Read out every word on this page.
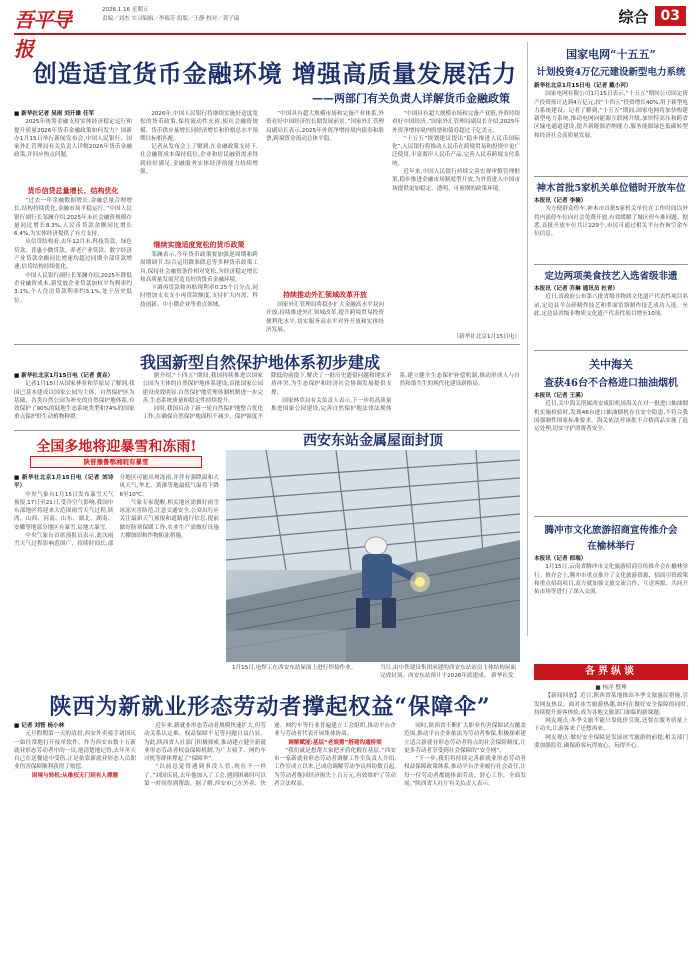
吾平导报
2026.1.16 星期五
责编／刘杰 实习编辑／李瑞芳 组版／王静 校对／黄子瑞	综合 03
创造适宜货币金融环境 增强高质量发展活力
——两部门有关负责人详解货币金融政策

■ 新华社记者 吴雨 刘开雄 任军

2025年统筹金融支持实体经济稳定运行和提升质量2026年货币金融政策如何发力？国新办1月15日举行新闻发布会,中国人民银行、国家外汇管理局有关负责人详解2026年货币金融政策,并回应热点问题。

货币信贷总量增长、结构优化

“过去一年金融数据增长,金融总量合理增长,结构持续优化,金融市场平稳运行。”中国人民银行副行长邹澜介绍,2025年末社会融资规模存量同比增长8.3%,人民币贷款余额同比增长6.4%,为实体经济提供了有力支持。

从信贷结构看,去年12月末,科技贷款、绿色贷款、普惠小微贷款、养老产业贷款、数字经济产业贷款余额同比增速均超过同期全部贷款增速,信贷结构持续优化。

中国人民银行副行长邹澜介绍,2025年降低企业融资成本,新发放企业贷款加权平均利率约3.1%,个人住房贷款利率约3.1%,处于历史低位。

2026年,中国人民银行将继续实施好适度宽松的货币政策,保持流动性充裕,使社会融资规模、货币供应量增长同经济增长和价格总水平预期目标相匹配。

记者从发布会上了解到,在金融政策支持下,社会融资成本保持低位,企业和居民融资需求得到较好满足,金融服务实体经济的能力持续增强。

继续实施适度宽松的货币政策

邹澜表示,今年货币政策要加强逆周期和跨周期调节,综合运用降准降息等多种货币政策工具,保持社会融资条件相对宽松,为经济稳定增长和高质量发展营造良好的货币金融环境。

下调再贷款和再贴现利率0.25个百分点,同时增加支农支小再贷款额度,支持扩大内需、科技创新、中小微企业等重点领域。

“中国具有超大规模市场和完备产业体系,外资看好中国经济的长期发展前景。”国家外汇管理局副局长表示,2025年外资净增持境内债券和股票,跨境资金流动总体平稳。

持续推动外汇领域改革开放

国家外汇管理局将稳步扩大金融高水平双向开放,持续推进外汇领域改革,提升跨境贸易投资便利化水平,切实服务高水平对外开放和实体经济发展。

“中国具有超大规模市场和完备产业链,外资持续看好中国经济。”国家外汇管理局副局长介绍,2025年外资净增持境内股票和债券超过千亿美元。

“十五五”规划建议提出“稳步推进人民币国际化”,人民银行将推动人民币在跨境贸易和投资中更广泛使用,丰富离岸人民币产品,完善人民币跨境支付系统。

近年来,中国人民银行持续完善宏观审慎管理框架,稳步推进金融市场制度型开放,为外资进入中国市场提供更加稳定、透明、可预期的政策环境。

（新华社北京1月15日电）
我国新型自然保护地体系初步建成

■ 新华社北京1月15日电（记者 黄垚）

记者1月15日从国家林业和草原局了解到,我国已基本建成以国家公园为主体、自然保护区为基础、各类自然公园为补充的自然保护地体系,有效保护了90%的陆地生态系统类型和74%的国家重点保护野生动植物种群。

据介绍,“十四五”期间,我国持续推进以国家公园为主体的自然保护地体系建设,首批国家公园建设成效明显,自然保护地管理体制机制进一步完善,生态系统质量和稳定性持续提升。

同时,我国启动了新一轮自然保护地整合优化工作,在确保自然保护地面积不减少、保护强度不降低的前提下,解决了一批历史遗留问题和现实矛盾冲突,为生态保护和经济社会协调发展提供支撑。

国家林草局有关负责人表示,下一步将高质量推进国家公园建设,完善自然保护地法律法规体系,建立健全生态保护补偿机制,推动形成人与自然和谐共生的现代化建设新格局。

全国多地将迎暴雪和冻雨!
陕晋豫鲁鄂湘皖有暴雪

■ 新华社北京1月15日电（记者 刘诗平）

中央气象台1月15日发布暴雪天气预报,17日至21日,受冷空气影响,我国中东部地区将迎来大范围雨雪天气过程,陕西、山西、河南、山东、湖北、湖南、安徽等地部分地区有暴雪,局地大暴雪。

中央气象台首席预报员表示,此次雨雪天气过程影响范围广、持续时间长,部分地区可能出现冻雨,并伴有强降温和大风天气,华北、黄淮等地最低气温将下降6至10℃。

气象专家提醒,相关地区需做好雨雪冰冻灾害防范,注意交通安全,公众出行应关注最新天气预报和道路通行信息,提前做好防寒保暖工作,农业生产需做好设施大棚加固和作物防冻措施。

西安东站金属屋面封顶
1月15日,电焊工在西安东站屋面上进行焊接作业。	当日,由中铁建设集团承建的西安东站站房主体结构屋面完成封顶。西安东站预计于2026年底建成。 新华社发
陕西为新就业形态劳动者撑起权益“保障伞”

■ 记者 刘智 杨小林

元旦假期第一天的清晨,西安外卖骑手刘国庆一如往常地打开接单软件。作为西安市数十万新就业形态劳动者中的一员,他清楚地记得,去年冬天自己在送餐途中受伤,正是依靠新就业形态人员职业伤害保障顺利获得了赔偿。

困境与转机:从维权无门到有人撑腰

近年来,新就业形态劳动者规模快速扩大,但劳动关系认定难、权益保障不足等问题日益凸显。为此,陕西省人社部门积极探索,推动建立健全新就业形态劳动者权益保障机制,为广大骑手、网约车司机等群体撑起了“保障伞”。

“以前总觉得遇到事没人管,现在不一样了。”刘国庆说,去年他加入了工会,遇到困难时可以第一时间得到帮助。据了解,西安市已在外卖、快递、网约车等行业普遍建立工会组织,推动平台企业与劳动者代表开展集体协商。

调解赋能:基层“老娘舅”搭建沟通桥梁

“我们就是想帮大家把矛盾化解在基层。”西安市一家新就业形态劳动者调解工作室负责人介绍,工作室成立以来,已成功调解劳动争议纠纷数百起,为劳动者挽回经济损失上百万元,有效维护了劳动者合法权益。

同时,陕西省不断扩大职业伤害保障试点覆盖范围,推动平台企业依法为劳动者参保,积极探索建立适合新就业形态劳动者特点的社会保险制度,让更多劳动者享受到社会保障的“安全网”。

“下一步,我们将持续完善新就业形态劳动者权益保障政策体系,推动平台企业履行社会责任,让每一位劳动者都能体面劳动、舒心工作、全面发展。”陕西省人社厅有关负责人表示。

国家电网“十五五”
计划投资4万亿元建设新型电力系统

新华社北京1月15日电（记者 戴小河）

国家电网有限公司1月15日表示,“十五五”期间公司固定资产投资预计达到4万亿元,较“十四五”投资增长40%,用于新型电力系统建设。记者了解到,“十五五”期间,国家电网将加快构建新型电力系统,推动电网向能源互联网升级,加快特高压和跨省区输电通道建设,提升新能源消纳能力,服务能源绿色低碳转型和经济社会高质量发展。

神木首批5家机关单位错时开放车位

本报讯（记者 李楠）

为方便群众停车,神木市首批5家机关单位在工作时间以外将内部停车位向社会免费开放,有效缓解了城区停车难问题。据悉,首批开放车位共计229个,市民可通过相关平台查询空余车位信息。

定边两项美食技艺入选省级非遗

本报讯（记者 乔琳 通讯员 杜青）

近日,省政府公布第八批省级非物质文化遗产代表性项目名录,定边县羊杂碎制作技艺和荞面饸饹制作技艺成功入选。至此,定边县省级非物质文化遗产代表性项目增至10项。

关中海关
查获46台不合格进口抽油烟机

本报讯（记者 王溪）

近日,关中海关所属西安咸阳机场海关在对一批进口抽油烟机实施检验时,发现46台进口抽油烟机存在安全隐患,不符合我国强制性国家标准要求。海关依法对该批不合格商品实施了退运处理,切实守护消费者安全。

腾冲市文化旅游招商宣传推介会
在榆林举行

本报讯（记者 师瑞）

1月15日,云南省腾冲市文化旅游招商宣传推介会在榆林举行。推介会上,腾冲市重点推介了文化旅游资源、招商引资政策和重点招商项目,双方就加强文旅交流合作、互送客源、共同开拓市场等进行了深入交流。

各界纵谈

■ 杨洋 整理

【新闻回放】近日,陕西省某地推出冬季文旅惠民措施,引发网友热议。面对冰雪旅游热潮,如何在做好安全保障的同时,持续提升游客体验,成为各地文旅部门面临的新课题。

网友观点:冬季文旅不能只靠低价引流,还要在服务质量上下功夫,让游客来了还想再来。

网友观点:做好安全保障是发展冰雪旅游的前提,相关部门要加强监管,确保游客玩得放心、玩得开心。
